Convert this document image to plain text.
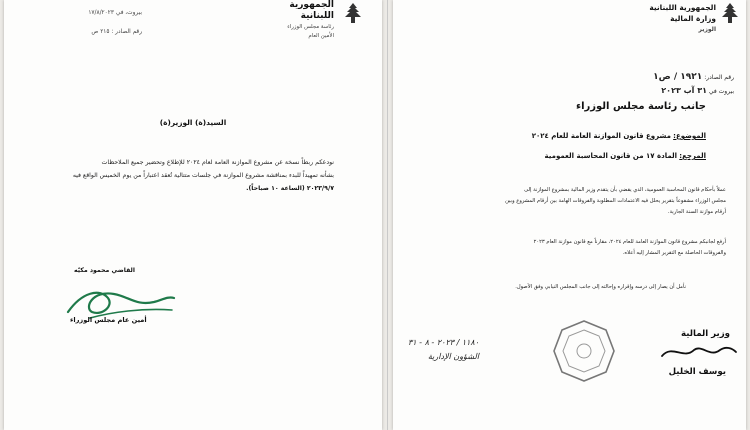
الجمهورية
اللبنانية
رئاسة مجلس الوزراء
الأمين العام
بيروت، في ١٧/٨/٢٠٢٣
رقم الصادر : ٢١٥ ص
السيد(ة) الوزير(ة)
نودعكم ربطاً نسخة عن مشروع الموازنة العامة لعام ٢٠٢٤ للإطلاع وتحضير جميع الملاحظات
بشأنه تمهيداً للبدء بمناقشة مشروع الموازنة في جلسات متتالية تُعقد اعتباراً من يوم الخميس الواقع فيه
٢٠٢٣/٩/٧ (الساعة ١٠ صباحاً).
القاضي محمود مكيّه
أمين عام مجلس الوزراء
الجمهورية اللبنانية
وزارة المالية
الوزير
رقم الصادر: ١٩٢١ / ص١
بيروت في ٣١ آب ٢٠٢٣
جانب رئاسة مجلس الوزراء
الموضوع: مشروع قانون الموازنة العامة للعام ٢٠٢٤
المرجع: المادة ١٧ من قانون المحاسبة العمومية
عملاً بأحكام قانون المحاسبة العمومية، الذي يقضي بأن يتقدم وزير المالية بمشروع الموازنة إلى
مجلس الوزراء مشفوعاً بتقرير يحلل فيه الاعتمادات المطلوبة والفروقات الهامة بين أرقام المشروع وبين
أرقام موازنة السنة الجارية.
أرفع لجانبكم مشروع قانون الموازنة العامة للعام ٢٠٢٤، مقارناً مع قانون موازنة العام ٢٠٢٣
والفروقات الحاصلة مع التقرير المشار إليه أعلاه.
نأمل أن يصار إلى درسه وإقراره وإحالته إلى جانب المجلس النيابي وفق الأصول.
وزير المالية
يوسف الخليل
١١٨٠ / ٢٠٢٣ - ٨ - ٣١ الشؤون الإدارية
